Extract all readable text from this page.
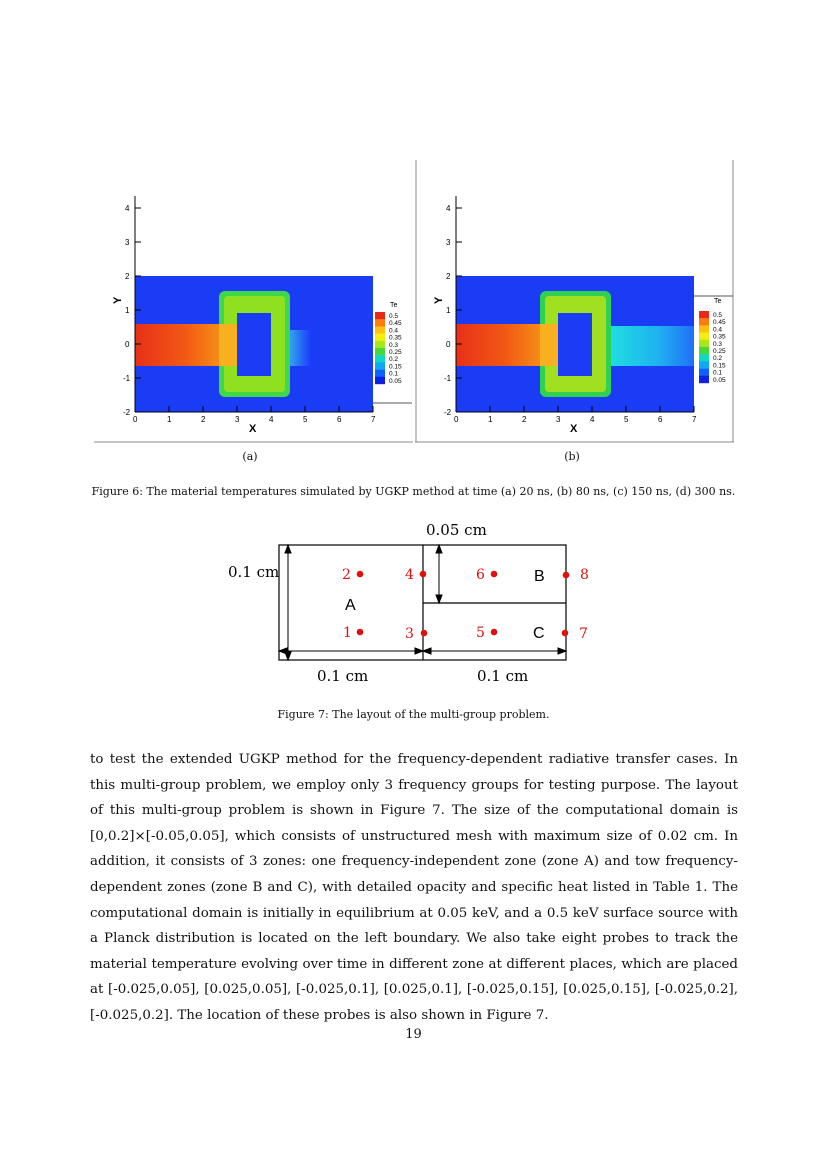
4
3
2
1
0
-1
-2
0	1	2	3	4	5	6	7
X
Y
Te
0.5
0.45
0.4
0.35
0.3
0.25
0.2
0.15
0.1
0.05
4
3
2
1
0
-1
-2
0	1	2	3	4	5	6	7
X
Y	Te
0.5
0.45
0.4
0.35
0.3
0.25
0.2
0.15
0.1
0.05
(a)	(b)
Figure 6: The material temperatures simulated by UGKP method at time (a) 20 ns, (b) 80 ns, (c) 150 ns, (d) 300 ns.
0.05 cm
0.1 cm
0.1 cm	0.1 cm
A
B
C
2	4	6	8
1	3	5	7
Figure 7: The layout of the multi-group problem.
to test the extended UGKP method for the frequency-dependent radiative transfer cases. In this multi-group problem, we employ only 3 frequency groups for testing purpose. The layout of this multi-group problem is shown in Figure 7. The size of the computational domain is [0,0.2]×[-0.05,0.05], which consists of unstructured mesh with maximum size of 0.02 cm. In addition, it consists of 3 zones: one frequency-independent zone (zone A) and tow frequency-dependent zones (zone B and C), with detailed opacity and specific heat listed in Table 1. The computational domain is initially in equilibrium at 0.05 keV, and a 0.5 keV surface source with a Planck distribution is located on the left boundary. We also take eight probes to track the material temperature evolving over time in different zone at different places, which are placed at [-0.025,0.05], [0.025,0.05], [-0.025,0.1], [0.025,0.1], [-0.025,0.15], [0.025,0.15], [-0.025,0.2], [-0.025,0.2]. The location of these probes is also shown in Figure 7.
19
